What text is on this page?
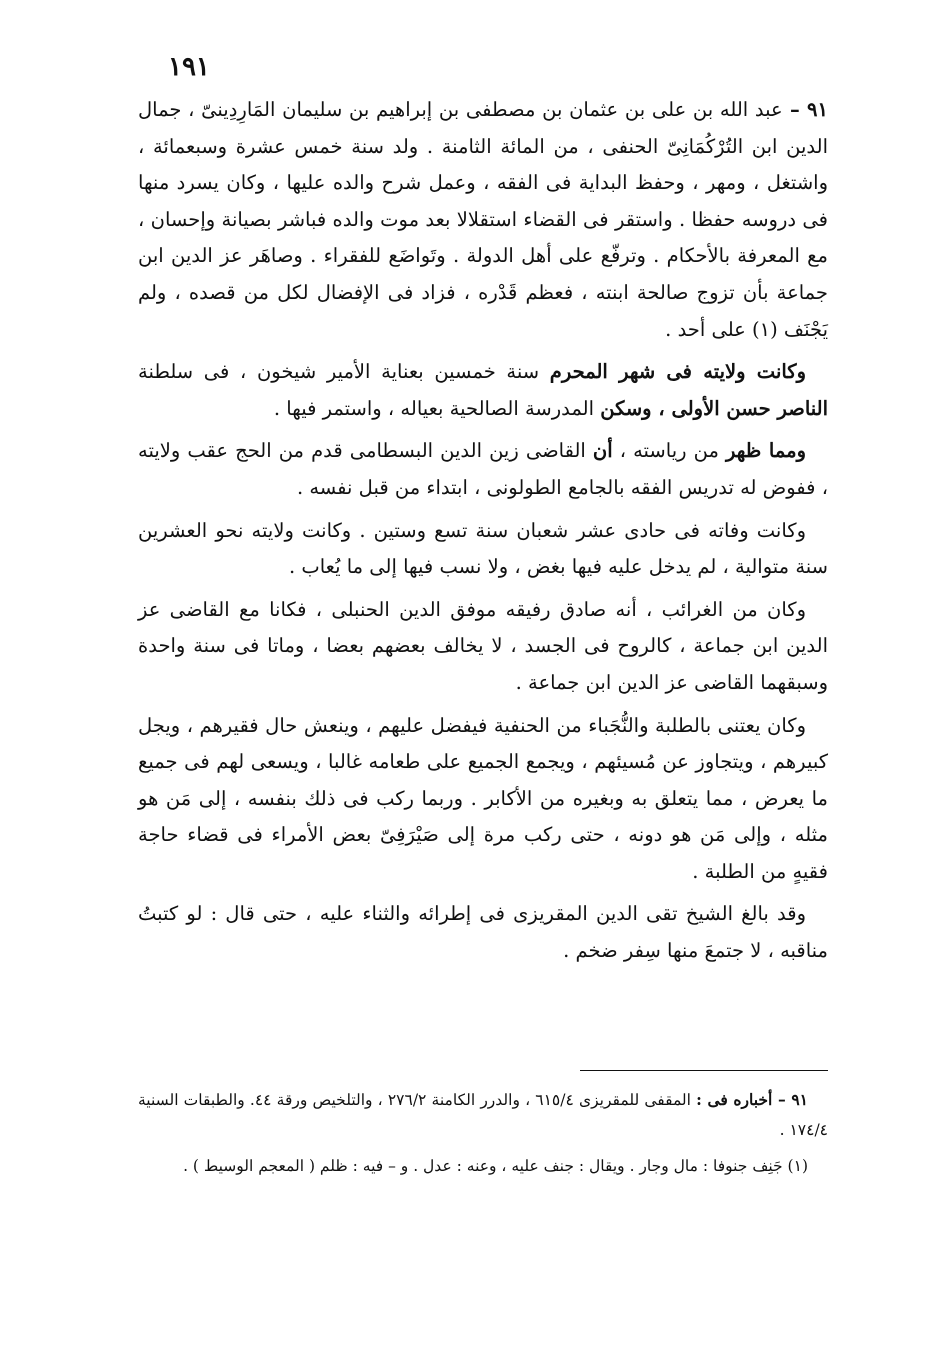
١٩١

٩١ – عبد الله بن على بن عثمان بن مصطفى بن إبراهيم بن سليمان المَارِدِينىّ ، جمال الدين ابن التُرْكُمَانِىّ الحنفى ، من المائة الثامنة . ولد سنة خمس عشرة وسبعمائة ، واشتغل ، ومهر ، وحفظ البداية فى الفقه ، وعمل شرح والده عليها ، وكان يسرد منها فى دروسه حفظا . واستقر فى القضاء استقلالا بعد موت والده فباشر بصيانة وإحسان ، مع المعرفة بالأحكام . وترفّع على أهل الدولة . وتَواضَع للفقراء . وصاهَر عز الدين ابن جماعة بأن تزوج صالحة ابنته ، فعظم قَدْره ، فزاد فى الإفضال لكل من قصده ، ولم يَجْنَف (١) على أحد .

وكانت ولايته فى شهر المحرم سنة خمسين بعناية الأمير شيخون ، فى سلطنة الناصر حسن الأولى ، وسكن المدرسة الصالحية بعياله ، واستمر فيها .

ومما ظهر من رياسته ، أن القاضى زين الدين البسطامى قدم من الحج عقب ولايته ، ففوض له تدريس الفقه بالجامع الطولونى ، ابتداء من قبل نفسه .

وكانت وفاته فى حادى عشر شعبان سنة تسع وستين . وكانت ولايته نحو العشرين سنة متوالية ، لم يدخل عليه فيها بغض ، ولا نسب فيها إلى ما يُعاب .

وكان من الغرائب ، أنه صادق رفيقه موفق الدين الحنبلى ، فكانا مع القاضى عز الدين ابن جماعة ، كالروح فى الجسد ، لا يخالف بعضهم بعضا ، وماتا فى سنة واحدة وسبقهما القاضى عز الدين ابن جماعة .

وكان يعتنى بالطلبة والنُّجَباء من الحنفية فيفضل عليهم ، وينعش حال فقيرهم ، ويجل كبيرهم ، ويتجاوز عن مُسيئهم ، ويجمع الجميع على طعامه غالبا ، ويسعى لهم فى جميع ما يعرض ، مما يتعلق به وبغيره من الأكابر . وربما ركب فى ذلك بنفسه ، إلى مَن هو مثله ، وإلى مَن هو دونه ، حتى ركب مرة إلى صَيْرَفِىّ بعض الأمراء فى قضاء حاجة فقيهٍ من الطلبة .

وقد بالغ الشيخ تقى الدين المقريزى فى إطرائه والثناء عليه ، حتى قال : لو كتبتُ مناقبه ، لا جتمعَ منها سِفر ضخم .

٩١ – أخباره فى : المقفى للمقريزى ٦١٥/٤ ، والدرر الكامنة ٢٧٦/٢ ، والتلخيص ورقة ٤٤. والطبقات السنية ١٧٤/٤ .

(١) جَنِف جنوفا : مال وجار . ويقال : جنف عليه ، وعنه : عدل . و – فيه : ظلم ( المعجم الوسيط ) .
